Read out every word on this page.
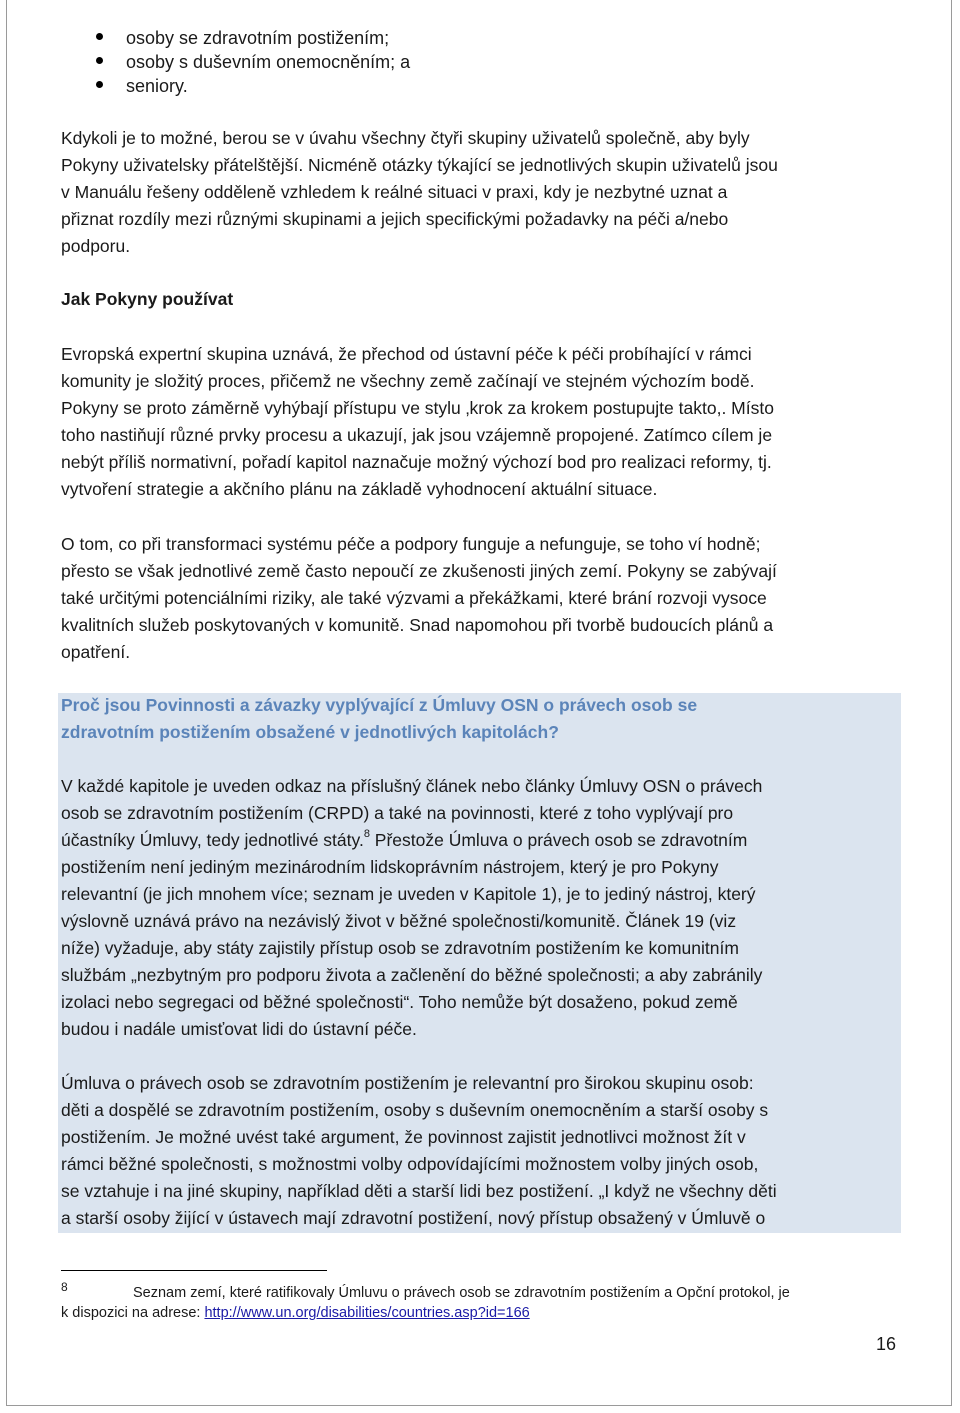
osoby se zdravotním postižením;
osoby s duševním onemocněním; a
seniory.

Kdykoli je to možné, berou se v úvahu všechny čtyři skupiny uživatelů společně, aby byly
Pokyny uživatelsky přátelštější. Nicméně otázky týkající se jednotlivých skupin uživatelů jsou
v Manuálu řešeny odděleně vzhledem k reálné situaci v praxi, kdy je nezbytné uznat a
přiznat rozdíly mezi různými skupinami a jejich specifickými požadavky na péči a/nebo
podporu.

Jak Pokyny používat

Evropská expertní skupina uznává, že přechod od ústavní péče k péči probíhající v rámci
komunity je složitý proces, přičemž ne všechny země začínají ve stejném výchozím bodě.
Pokyny se proto záměrně vyhýbají přístupu ve stylu ‚krok za krokem postupujte takto,. Místo
toho nastiňují různé prvky procesu a ukazují, jak jsou vzájemně propojené. Zatímco cílem je
nebýt příliš normativní, pořadí kapitol naznačuje možný výchozí bod pro realizaci reformy, tj.
vytvoření strategie a akčního plánu na základě vyhodnocení aktuální situace.

O tom, co při transformaci systému péče a podpory funguje a nefunguje, se toho ví hodně;
přesto se však jednotlivé země často nepoučí ze zkušenosti jiných zemí. Pokyny se zabývají
také určitými potenciálními riziky, ale také výzvami a překážkami, které brání rozvoji vysoce
kvalitních služeb poskytovaných v komunitě. Snad napomohou při tvorbě budoucích plánů a
opatření.

Proč jsou Povinnosti a závazky vyplývající z Úmluvy OSN o právech osob se
zdravotním postižením obsažené v jednotlivých kapitolách?

V každé kapitole je uveden odkaz na příslušný článek nebo články Úmluvy OSN o právech
osob se zdravotním postižením (CRPD) a také na povinnosti, které z toho vyplývají pro
účastníky Úmluvy, tedy jednotlivé státy.$^8$ Přestože Úmluva o právech osob se zdravotním
postižením není jediným mezinárodním lidskoprávním nástrojem, který je pro Pokyny
relevantní (je jich mnohem více; seznam je uveden v Kapitole 1), je to jediný nástroj, který
výslovně uznává právo na nezávislý život v běžné společnosti/komunitě. Článek 19 (viz
níže) vyžaduje, aby státy zajistily přístup osob se zdravotním postižením ke komunitním
službám „nezbytným pro podporu života a začlenění do běžné společnosti; a aby zabránily
izolaci nebo segregaci od běžné společnosti“. Toho nemůže být dosaženo, pokud země
budou i nadále umisťovat lidi do ústavní péče.

Úmluva o právech osob se zdravotním postižením je relevantní pro širokou skupinu osob:
děti a dospělé se zdravotním postižením, osoby s duševním onemocněním a starší osoby s
postižením. Je možné uvést také argument, že povinnost zajistit jednotlivci možnost žít v
rámci běžné společnosti, s možnostmi volby odpovídajícími možnostem volby jiných osob,
se vztahuje i na jiné skupiny, například děti a starší lidi bez postižení. „I když ne všechny děti
a starší osoby žijící v ústavech mají zdravotní postižení, nový přístup obsažený v Úmluvě o

8	Seznam zemí, které ratifikovaly Úmluvu o právech osob se zdravotním postižením a Opční protokol, je
k dispozici na adrese: http://www.un.org/disabilities/countries.asp?id=166
16
